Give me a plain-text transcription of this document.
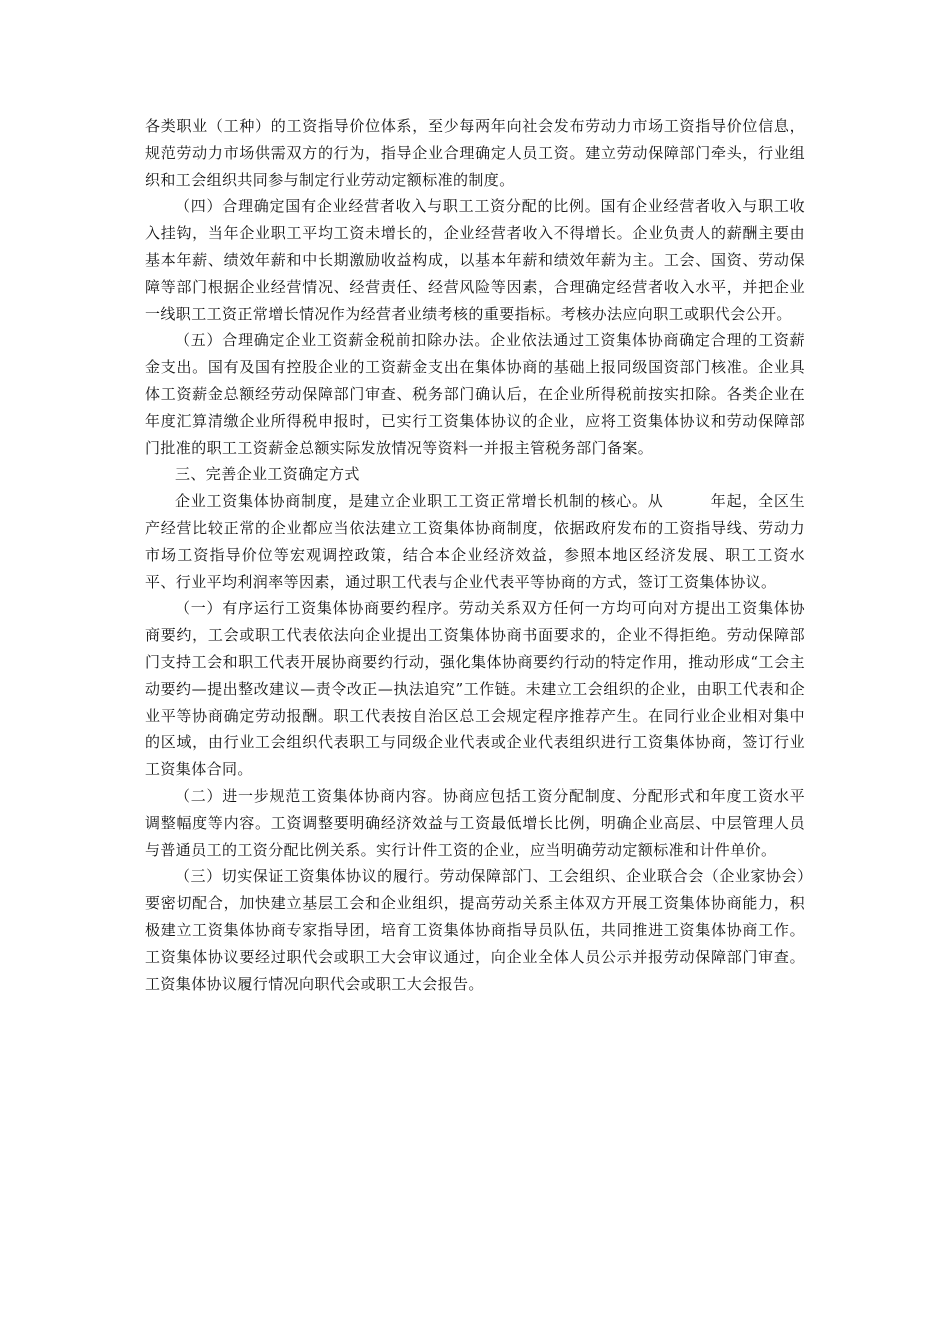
各类职业（工种）的工资指导价位体系，至少每两年向社会发布劳动力市场工资指导价位信息，规范劳动力市场供需双方的行为，指导企业合理确定人员工资。建立劳动保障部门牵头，行业组织和工会组织共同参与制定行业劳动定额标准的制度。

（四）合理确定国有企业经营者收入与职工工资分配的比例。国有企业经营者收入与职工收入挂钩，当年企业职工平均工资未增长的，企业经营者收入不得增长。企业负责人的薪酬主要由基本年薪、绩效年薪和中长期激励收益构成，以基本年薪和绩效年薪为主。工会、国资、劳动保障等部门根据企业经营情况、经营责任、经营风险等因素，合理确定经营者收入水平，并把企业一线职工工资正常增长情况作为经营者业绩考核的重要指标。考核办法应向职工或职代会公开。

（五）合理确定企业工资薪金税前扣除办法。企业依法通过工资集体协商确定合理的工资薪金支出。国有及国有控股企业的工资薪金支出在集体协商的基础上报同级国资部门核准。企业具体工资薪金总额经劳动保障部门审查、税务部门确认后，在企业所得税前按实扣除。各类企业在年度汇算清缴企业所得税申报时，已实行工资集体协议的企业，应将工资集体协议和劳动保障部门批准的职工工资薪金总额实际发放情况等资料一并报主管税务部门备案。

三、完善企业工资确定方式

企业工资集体协商制度，是建立企业职工工资正常增长机制的核心。从　　　年起，全区生产经营比较正常的企业都应当依法建立工资集体协商制度，依据政府发布的工资指导线、劳动力市场工资指导价位等宏观调控政策，结合本企业经济效益，参照本地区经济发展、职工工资水平、行业平均利润率等因素，通过职工代表与企业代表平等协商的方式，签订工资集体协议。

（一）有序运行工资集体协商要约程序。劳动关系双方任何一方均可向对方提出工资集体协商要约，工会或职工代表依法向企业提出工资集体协商书面要求的，企业不得拒绝。劳动保障部门支持工会和职工代表开展协商要约行动，强化集体协商要约行动的特定作用，推动形成“工会主动要约—提出整改建议—责令改正—执法追究”工作链。未建立工会组织的企业，由职工代表和企业平等协商确定劳动报酬。职工代表按自治区总工会规定程序推荐产生。在同行业企业相对集中的区域，由行业工会组织代表职工与同级企业代表或企业代表组织进行工资集体协商，签订行业工资集体合同。

（二）进一步规范工资集体协商内容。协商应包括工资分配制度、分配形式和年度工资水平调整幅度等内容。工资调整要明确经济效益与工资最低增长比例，明确企业高层、中层管理人员与普通员工的工资分配比例关系。实行计件工资的企业，应当明确劳动定额标准和计件单价。

（三）切实保证工资集体协议的履行。劳动保障部门、工会组织、企业联合会（企业家协会）要密切配合，加快建立基层工会和企业组织，提高劳动关系主体双方开展工资集体协商能力，积极建立工资集体协商专家指导团，培育工资集体协商指导员队伍，共同推进工资集体协商工作。工资集体协议要经过职代会或职工大会审议通过，向企业全体人员公示并报劳动保障部门审查。工资集体协议履行情况向职代会或职工大会报告。
